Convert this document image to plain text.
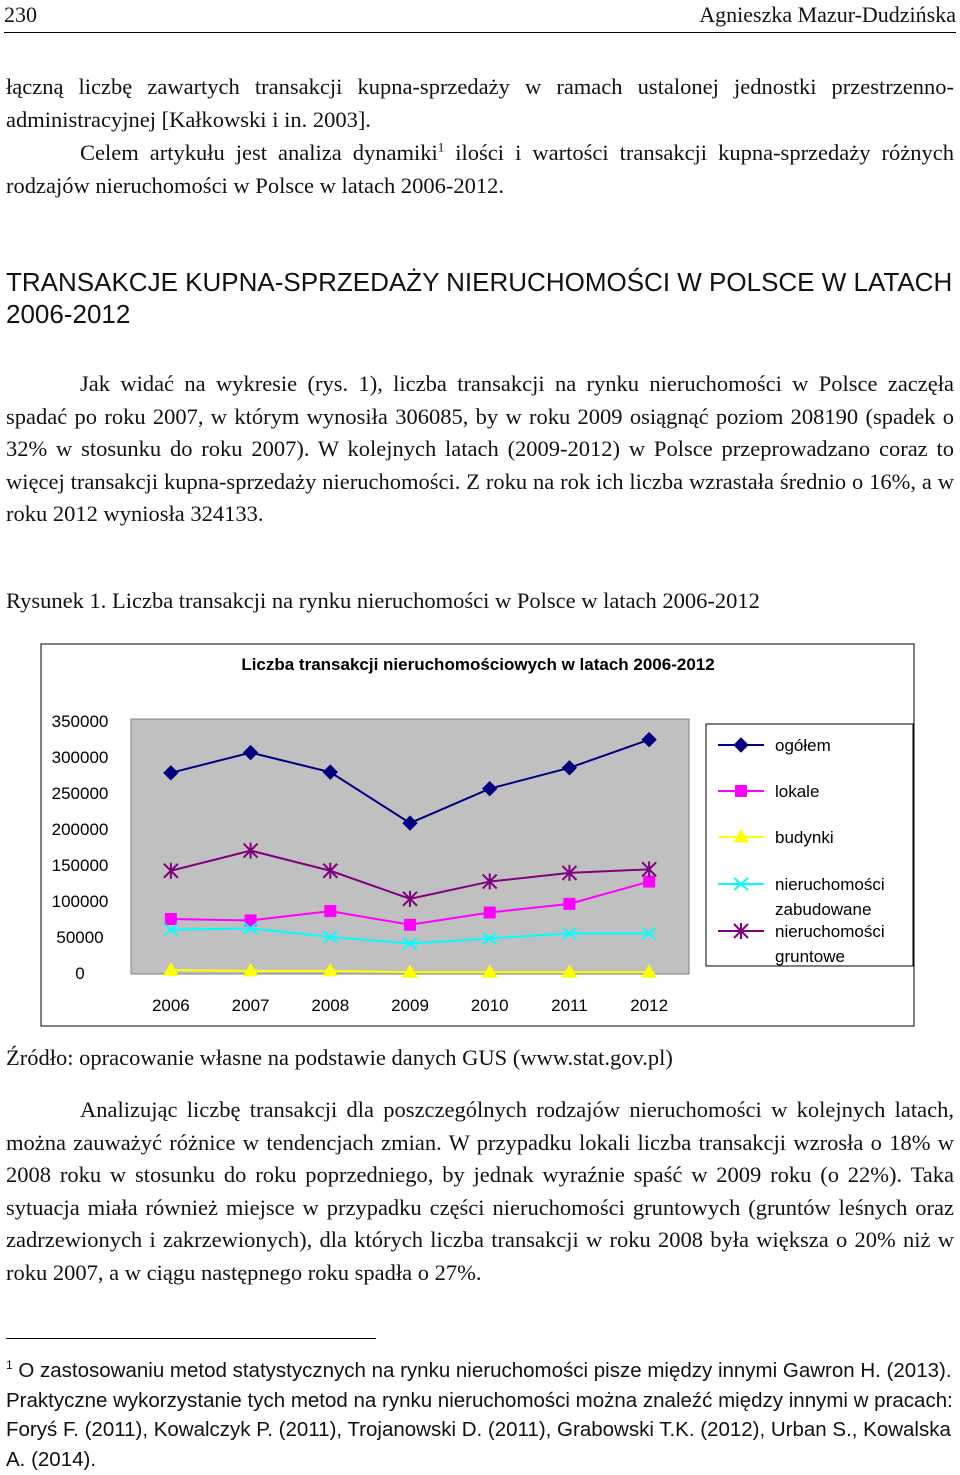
230	Agnieszka Mazur-Dudzińska

łączną liczbę zawartych transakcji kupna-sprzedaży w ramach ustalonej jednostki przestrzenno-administracyjnej [Kałkowski i in. 2003].

Celem artykułu jest analiza dynamiki$^1$ ilości i wartości transakcji kupna-sprzedaży różnych rodzajów nieruchomości w Polsce w latach 2006-2012.

TRANSAKCJE KUPNA-SPRZEDAŻY NIERUCHOMOŚCI W POLSCE W LATACH 2006-2012

Jak widać na wykresie (rys. 1), liczba transakcji na rynku nieruchomości w Polsce zaczęła spadać po roku 2007, w którym wynosiła 306085, by w roku 2009 osiągnąć poziom 208190 (spadek o 32% w stosunku do roku 2007). W kolejnych latach (2009-2012) w Polsce przeprowadzano coraz to więcej transakcji kupna-sprzedaży nieruchomości. Z roku na rok ich liczba wzrastała średnio o 16%, a w roku 2012 wyniosła 324133.

Rysunek 1. Liczba transakcji na rynku nieruchomości w Polsce w latach 2006-2012

Liczba transakcji nieruchomościowych w latach 2006-2012
0
50000
100000
150000
200000
250000
300000
350000
2006 2007 2008 2009 2010	2011	2012
ogółem
lokale
budynki
nieruchomości
zabudowane
nieruchomości
gruntowe

Źródło: opracowanie własne na podstawie danych GUS (www.stat.gov.pl)

Analizując liczbę transakcji dla poszczególnych rodzajów nieruchomości w kolejnych latach, można zauważyć różnice w tendencjach zmian. W przypadku lokali liczba transakcji wzrosła o 18% w 2008 roku w stosunku do roku poprzedniego, by jednak wyraźnie spaść w 2009 roku (o 22%). Taka sytuacja miała również miejsce w przypadku części nieruchomości gruntowych (gruntów leśnych oraz zadrzewionych i zakrzewionych), dla których liczba transakcji w roku 2008 była większa o 20% niż w roku 2007, a w ciągu następnego roku spadła o 27%.

$^1$ O zastosowaniu metod statystycznych na rynku nieruchomości pisze między innymi Gawron H. (2013). Praktyczne wykorzystanie tych metod na rynku nieruchomości można znaleźć między innymi w pracach: Foryś F. (2011), Kowalczyk P. (2011), Trojanowski D. (2011), Grabowski T.K. (2012), Urban S., Kowalska A. (2014).
